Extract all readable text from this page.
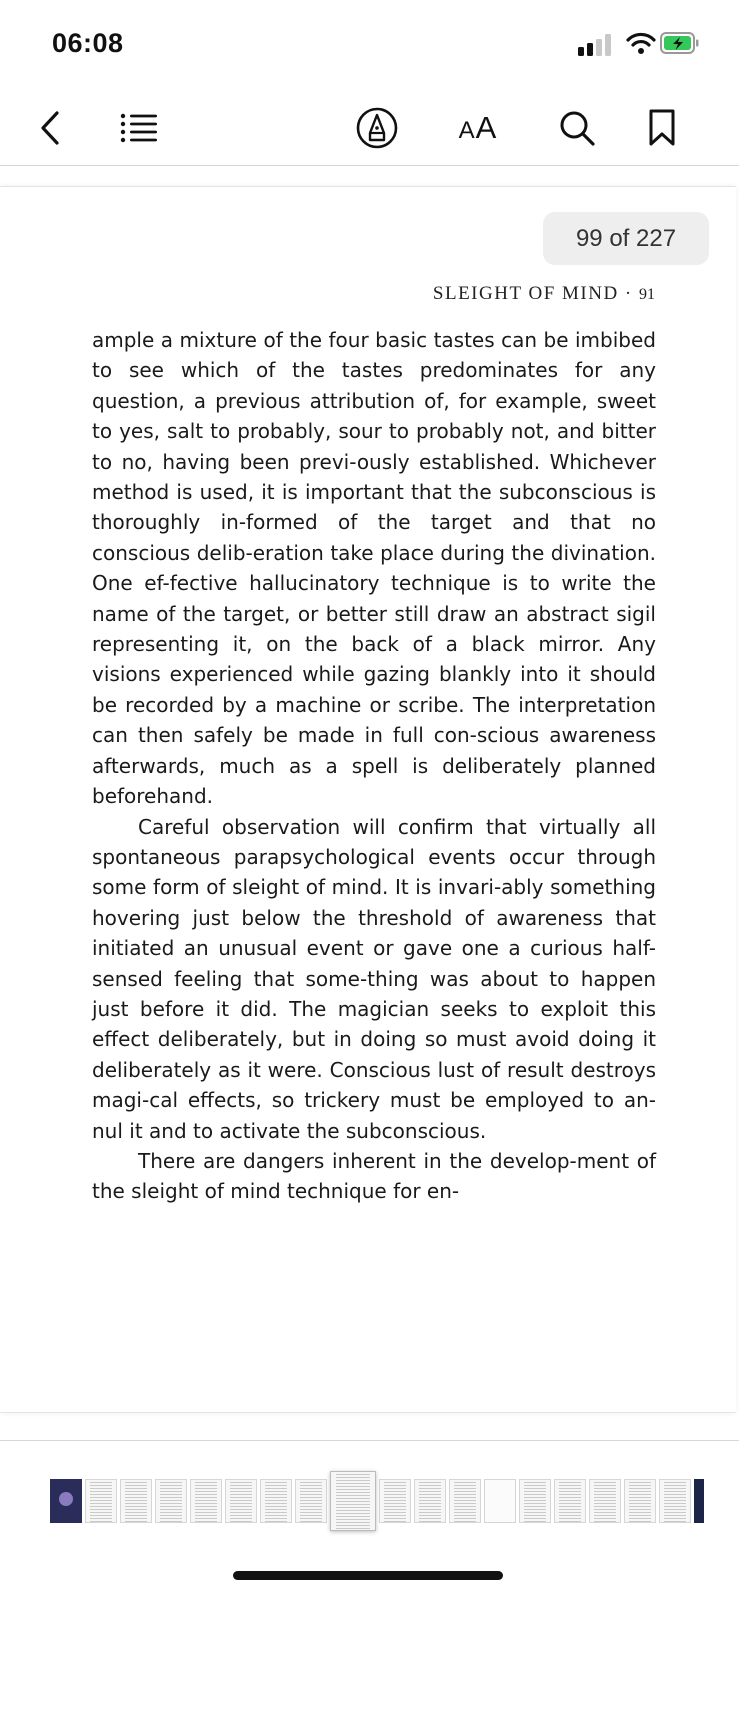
06:08
AA
99 of 227
SLEIGHT OF MIND · 91

ample a mixture of the four basic tastes can be imbibed to see which of the tastes predominates for any question, a previous attribution of, for example, sweet to yes, salt to probably, sour to probably not, and bitter to no, having been previ-ously established. Whichever method is used, it is important that the subconscious is thoroughly in-formed of the target and that no conscious delib-eration take place during the divination. One ef-fective hallucinatory technique is to write the name of the target, or better still draw an abstract sigil representing it, on the back of a black mirror. Any visions experienced while gazing blankly into it should be recorded by a machine or scribe. The interpretation can then safely be made in full con-scious awareness afterwards, much as a spell is deliberately planned beforehand.

Careful observation will confirm that virtually all spontaneous parapsychological events occur through some form of sleight of mind. It is invari-ably something hovering just below the threshold of awareness that initiated an unusual event or gave one a curious half-sensed feeling that some-thing was about to happen just before it did. The magician seeks to exploit this effect deliberately, but in doing so must avoid doing it deliberately as it were. Conscious lust of result destroys magi-cal effects, so trickery must be employed to an-nul it and to activate the subconscious.

There are dangers inherent in the develop-ment of the sleight of mind technique for en-
